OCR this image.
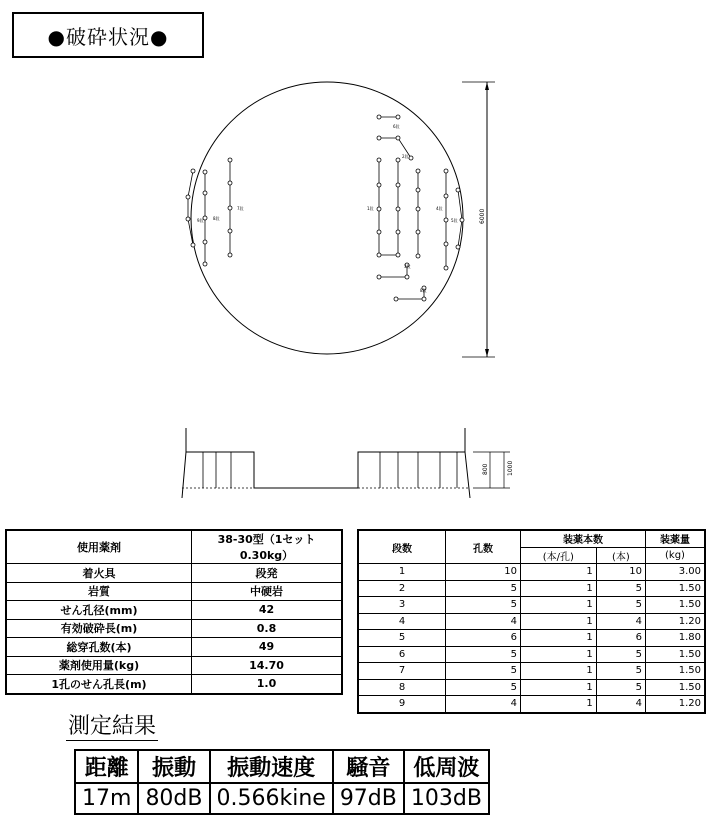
●破砕状況●
6000
800	1000
8段
9段
7段	1段
2段
3段
4段
5段
6段
8段
使用薬剤	38-30型（1セット 0.30kg）
着火具	段発
岩質	中硬岩
せん孔径(mm)	42
有効破砕長(m)	0.8
総穿孔数(本)	49
薬剤使用量(kg)	14.70
1孔のせん孔長(m)	1.0
段数	孔数	装薬本数		装薬量
		(本/孔)	(本)	(kg)
1	10	1	10	3.00
2	5	1	5	1.50
3	5	1	5	1.50
4	4	1	4	1.20
5	6	1	6	1.80
6	5	1	5	1.50
7	5	1	5	1.50
8	5	1	5	1.50
9	4	1	4	1.20
測定結果
距離	振動	振動速度	騒音	低周波
17m	80dB	0.566kine	97dB	103dB
